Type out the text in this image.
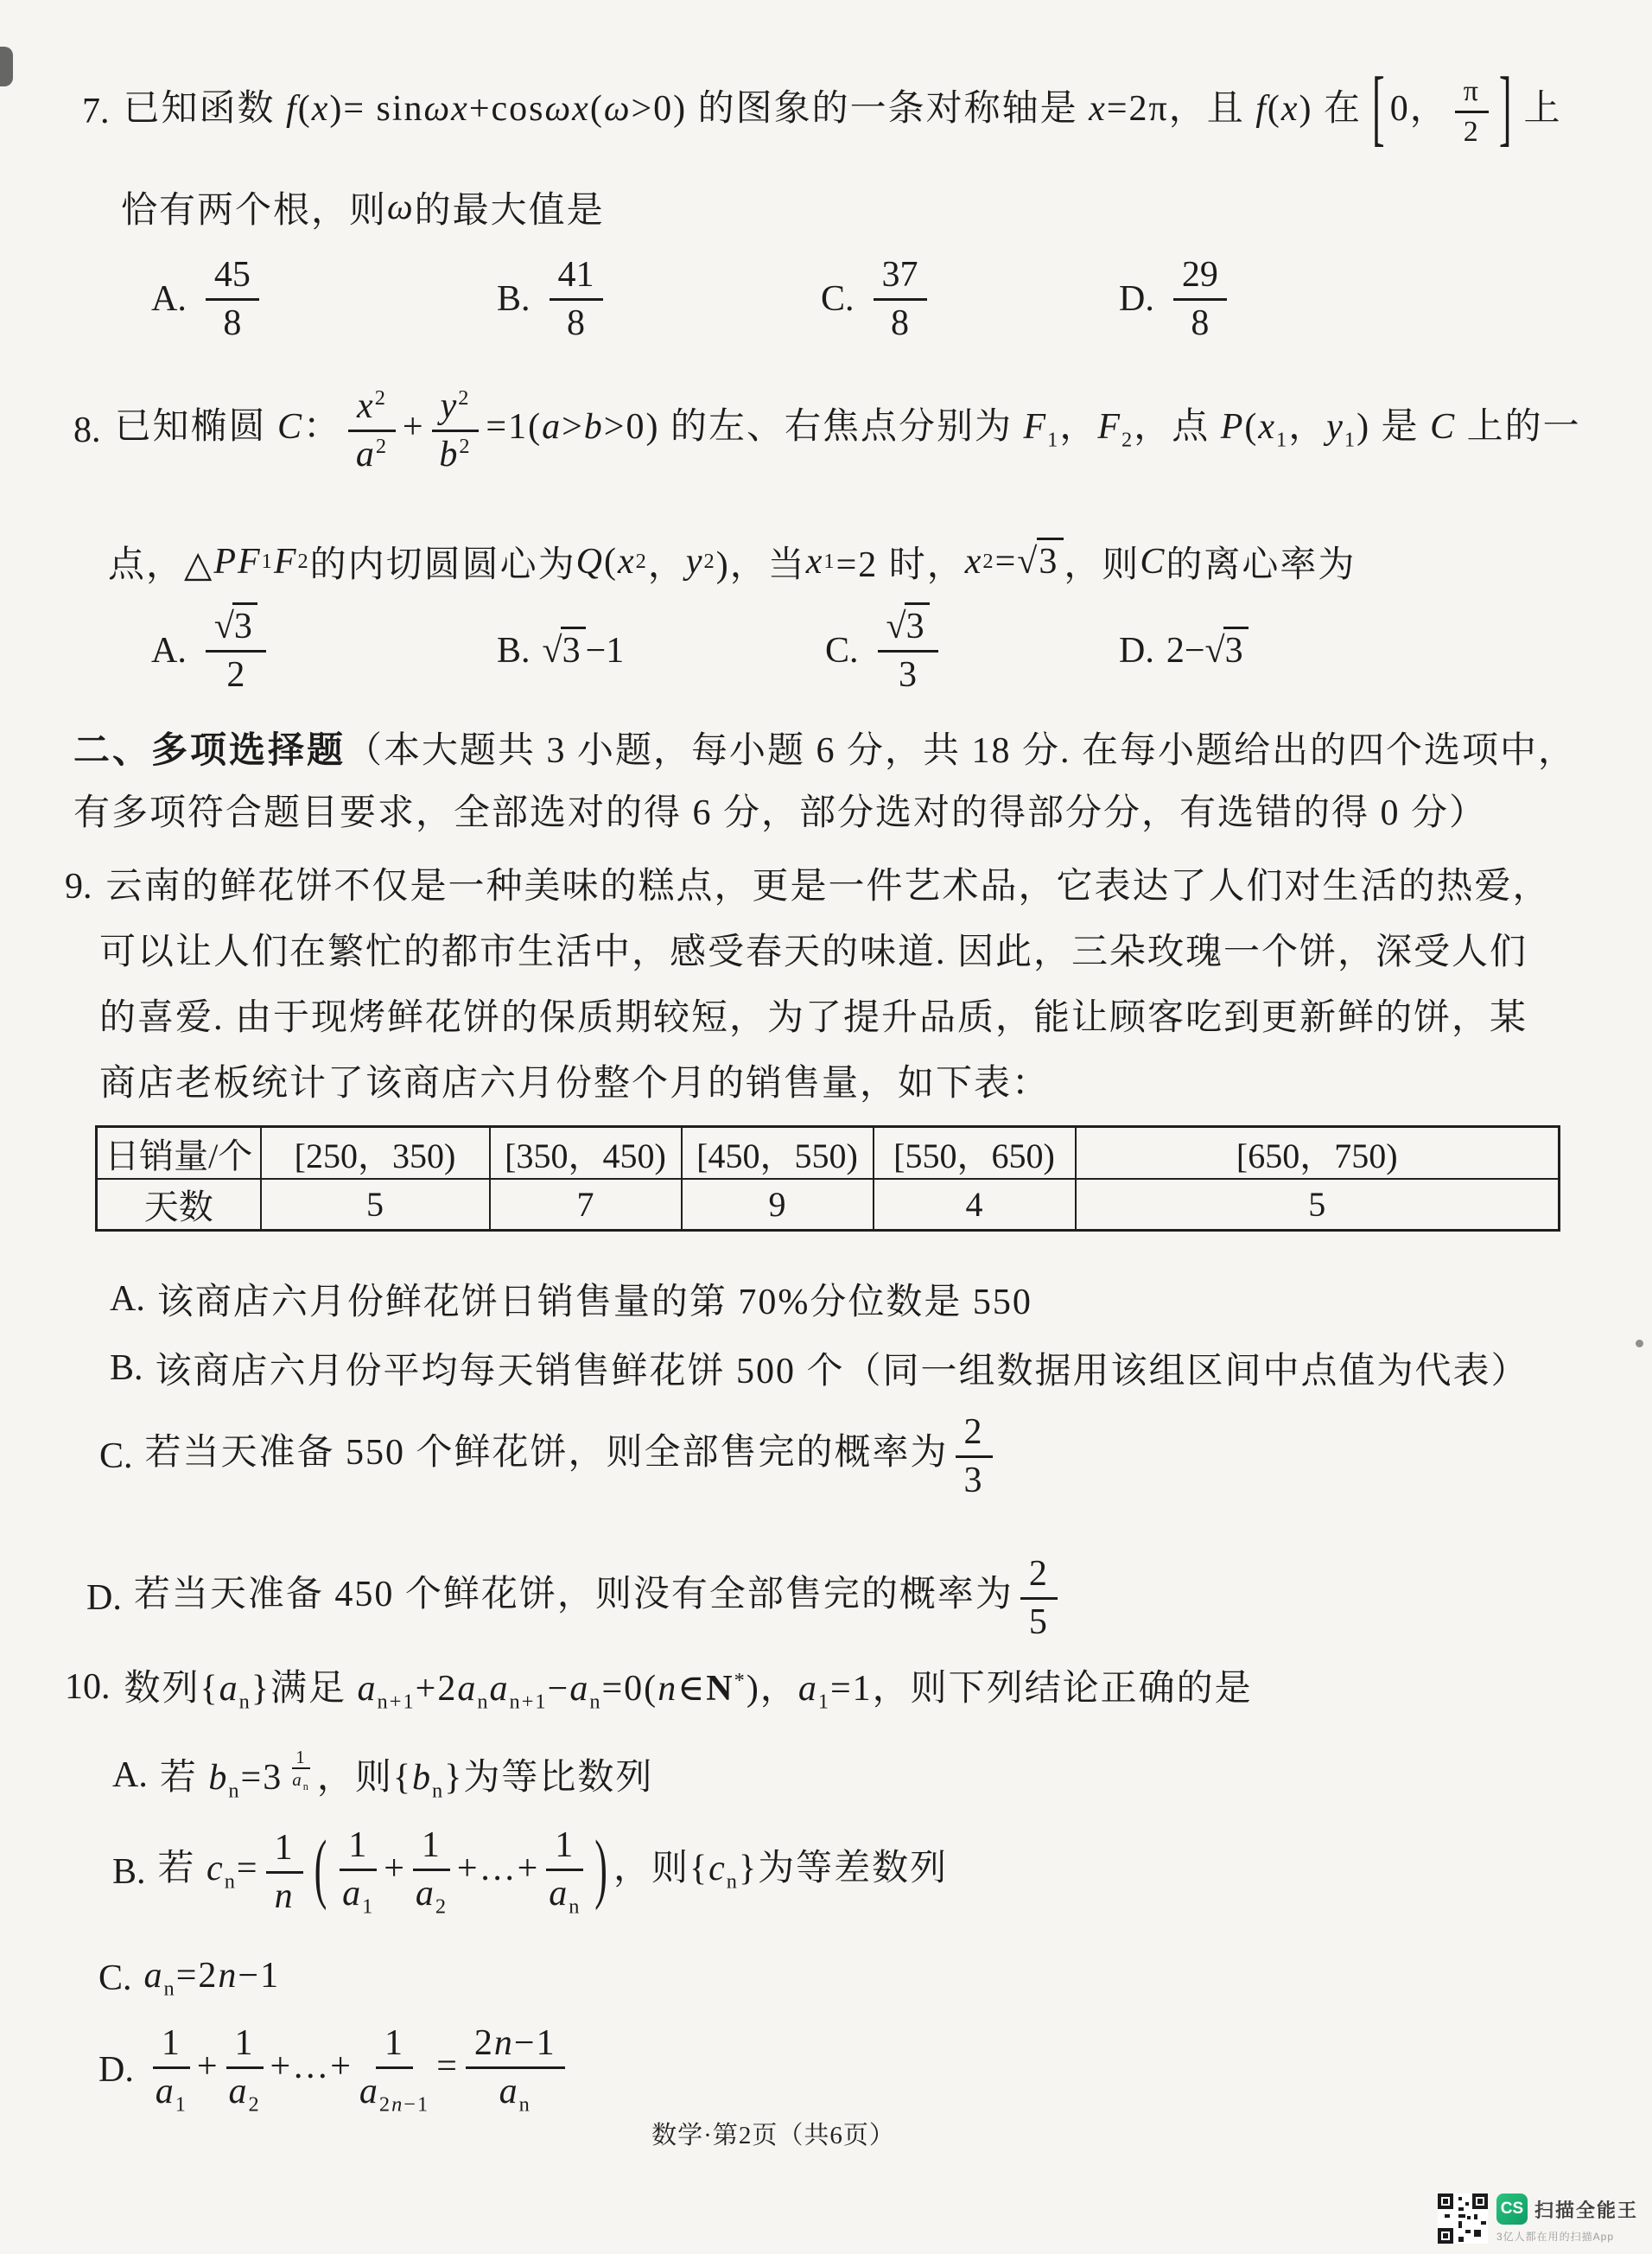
7. 已知函数 f(x)= sinωx+cosωx(ω>0) 的图象的一条对称轴是 x=2π，且 f(x) 在 [0， $\frac{\pi}{2}$ ] 上
恰有两个根，则 ω 的最大值是
A. $\frac{45}{8}$	B. $\frac{41}{8}$	C. $\frac{37}{8}$	D. $\frac{29}{8}$
8. 已知椭圆 C： $\frac{x^2}{a^2} + \frac{y^2}{b^2} =1(a>b>0)$ 的左、右焦点分别为 $F_1$，$F_2$，点 $P(x_1$，$y_1$) 是 C 上的一
点，△ PF 1 F 2 的内切圆圆心为 Q ( x 2 ， y 2 )，当 x 1 =2 时， x 2 = √3 ，则 C 的离心率为
A. $\frac{√3}{2}$	B. √3 −1	C. $\frac{√3}{3}$	D. 2−√3
二、多项选择题（本大题共 3 小题，每小题 6 分，共 18 分. 在每小题给出的四个选项中，
有多项符合题目要求，全部选对的得 6 分，部分选对的得部分分，有选错的得 0 分）
9. 云南的鲜花饼不仅是一种美味的糕点，更是一件艺术品，它表达了人们对生活的热爱，
可以让人们在繁忙的都市生活中，感受春天的味道. 因此，三朵玫瑰一个饼，深受人们
的喜爱. 由于现烤鲜花饼的保质期较短，为了提升品质，能让顾客吃到更新鲜的饼，某
商店老板统计了该商店六月份整个月的销售量，如下表：
日销量/个	[250，350)	[350，450)	[450，550)	[550，650)	[650，750)
天数	5	7	9	4	5
A. 该商店六月份鲜花饼日销售量的第 70%分位数是 550
B. 该商店六月份平均每天销售鲜花饼 500 个（同一组数据用该组区间中点值为代表）
C. 若当天准备 550 个鲜花饼，则全部售完的概率为 $\frac{2}{3}$
D. 若当天准备 450 个鲜花饼，则没有全部售完的概率为 $\frac{2}{5}$
10. 数列$\{a_n\}$满足 $a_{n+1}+2a_na_{n+1}-a_n=0(n\in N^*)$，$a_1=1$，则下列结论正确的是
A. 若 $b_n=3$
1
$a_n$ ，则$\{b_n\}$为等比数列
B. 若 $c_n= \frac{1}{n}$ ( $\frac{1}{a_1} + \frac{1}{a_2}$ +…+ $\frac{1}{a_n}$ ) ，则$\{c_n\}$为等差数列
C. $a_n=2n-1$
D. $\frac{1}{a_1} + \frac{1}{a_2}$ +…+ $\frac{1}{a_{2n-1}} = \frac{2n-1}{a_n}$
数学·第2页（共6页）
CS 扫描全能王
3亿人都在用的扫描App
